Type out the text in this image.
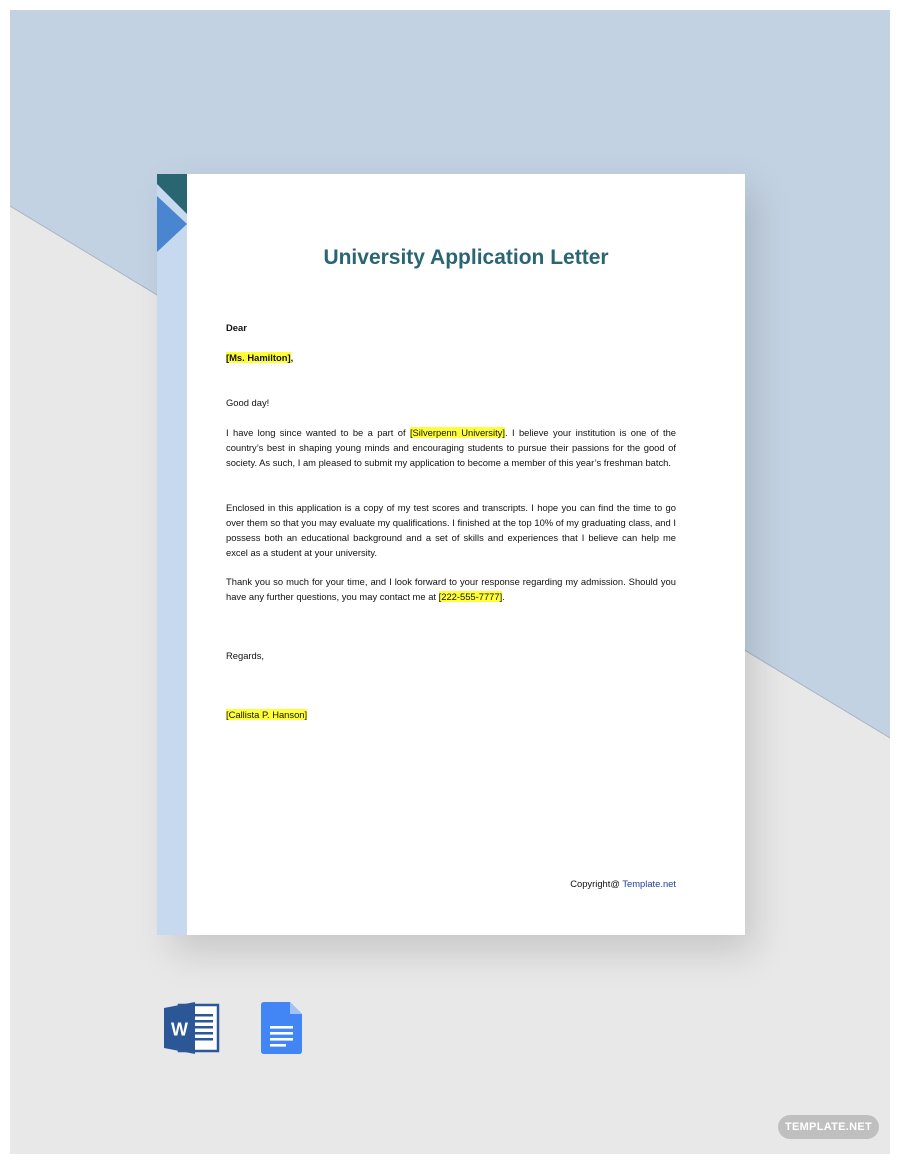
University Application Letter
Dear
[Ms. Hamilton],
Good day!
I have long since wanted to be a part of [Silverpenn University]. I believe your institution is one of the country’s best in shaping young minds and encouraging students to pursue their passions for the good of society. As such, I am pleased to submit my application to become a member of this year’s freshman batch.
Enclosed in this application is a copy of my test scores and transcripts. I hope you can find the time to go over them so that you may evaluate my qualifications. I finished at the top 10% of my graduating class, and I possess both an educational background and a set of skills and experiences that I believe can help me excel as a student at your university.
Thank you so much for your time, and I look forward to your response regarding my admission. Should you have any further questions, you may contact me at [222-555-7777].
Regards,
[Callista P. Hanson]
Copyright@ Template.net
W
TEMPLATE.NET
